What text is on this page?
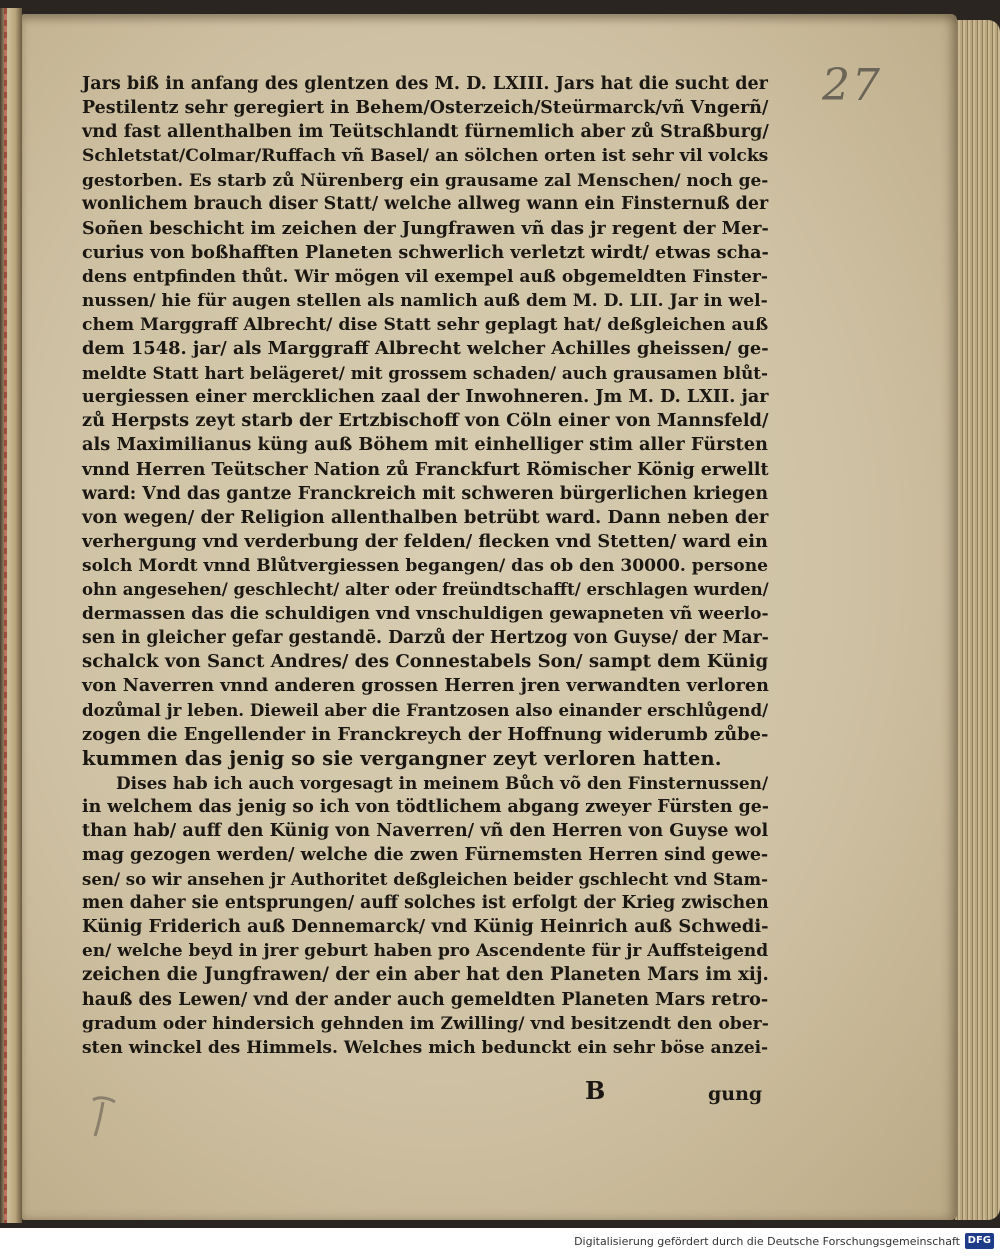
27
Jars biß in anfang des glentzen des M. D. LXIII. Jars hat die sucht der
Pestilentz sehr geregiert in Behem/Osterzeich/Steürmarck/vñ Vngerñ/
vnd fast allenthalben im Teütschlandt fürnemlich aber zů Straßburg/
Schletstat/Colmar/Ruffach vñ Basel/ an sölchen orten ist sehr vil volcks
gestorben. Es starb zů Nürenberg ein grausame zal Menschen/ noch ge-
wonlichem brauch diser Statt/ welche allweg wann ein Finsternuß der
Soñen beschicht im zeichen der Jungfrawen vñ das jr regent der Mer-
curius von boßhafften Planeten schwerlich verletzt wirdt/ etwas scha-
dens entpfinden thůt. Wir mögen vil exempel auß obgemeldten Finster-
nussen/ hie für augen stellen als namlich auß dem M. D. LII. Jar in wel-
chem Marggraff Albrecht/ dise Statt sehr geplagt hat/ deßgleichen auß
dem 1548. jar/ als Marggraff Albrecht welcher Achilles gheissen/ ge-
meldte Statt hart belägeret/ mit grossem schaden/ auch grausamen blůt-
uergiessen einer mercklichen zaal der Inwohneren. Jm M. D. LXII. jar
zů Herpsts zeyt starb der Ertzbischoff von Cöln einer von Mannsfeld/
als Maximilianus küng auß Böhem mit einhelliger stim aller Fürsten
vnnd Herren Teütscher Nation zů Franckfurt Römischer König erwellt
ward: Vnd das gantze Franckreich mit schweren bürgerlichen kriegen
von wegen/ der Religion allenthalben betrübt ward. Dann neben der
verhergung vnd verderbung der felden/ flecken vnd Stetten/ ward ein
solch Mordt vnnd Blůtvergiessen begangen/ das ob den 30000. persone
ohn angesehen/ geschlecht/ alter oder freündtschafft/ erschlagen wurden/
dermassen das die schuldigen vnd vnschuldigen gewapneten vñ weerlo-
sen in gleicher gefar gestandē. Darzů der Hertzog von Guyse/ der Mar-
schalck von Sanct Andres/ des Connestabels Son/ sampt dem Künig
von Naverren vnnd anderen grossen Herren jren verwandten verloren
dozůmal jr leben. Dieweil aber die Frantzosen also einander erschlůgend/
zogen die Engellender in Franckreych der Hoffnung widerumb zůbe-
kummen das jenig so sie vergangner zeyt verloren hatten.
Dises hab ich auch vorgesagt in meinem Bůch võ den Finsternussen/
in welchem das jenig so ich von tödtlichem abgang zweyer Fürsten ge-
than hab/ auff den Künig von Naverren/ vñ den Herren von Guyse wol
mag gezogen werden/ welche die zwen Fürnemsten Herren sind gewe-
sen/ so wir ansehen jr Authoritet deßgleichen beider gschlecht vnd Stam-
men daher sie entsprungen/ auff solches ist erfolgt der Krieg zwischen
Künig Friderich auß Dennemarck/ vnd Künig Heinrich auß Schwedi-
en/ welche beyd in jrer geburt haben pro Ascendente für jr Auffsteigend
zeichen die Jungfrawen/ der ein aber hat den Planeten Mars im xij.
hauß des Lewen/ vnd der ander auch gemeldten Planeten Mars retro-
gradum oder hindersich gehnden im Zwilling/ vnd besitzendt den ober-
sten winckel des Himmels. Welches mich bedunckt ein sehr böse anzei-
B	gung
Digitalisierung gefördert durch die Deutsche Forschungsgemeinschaft DFG
